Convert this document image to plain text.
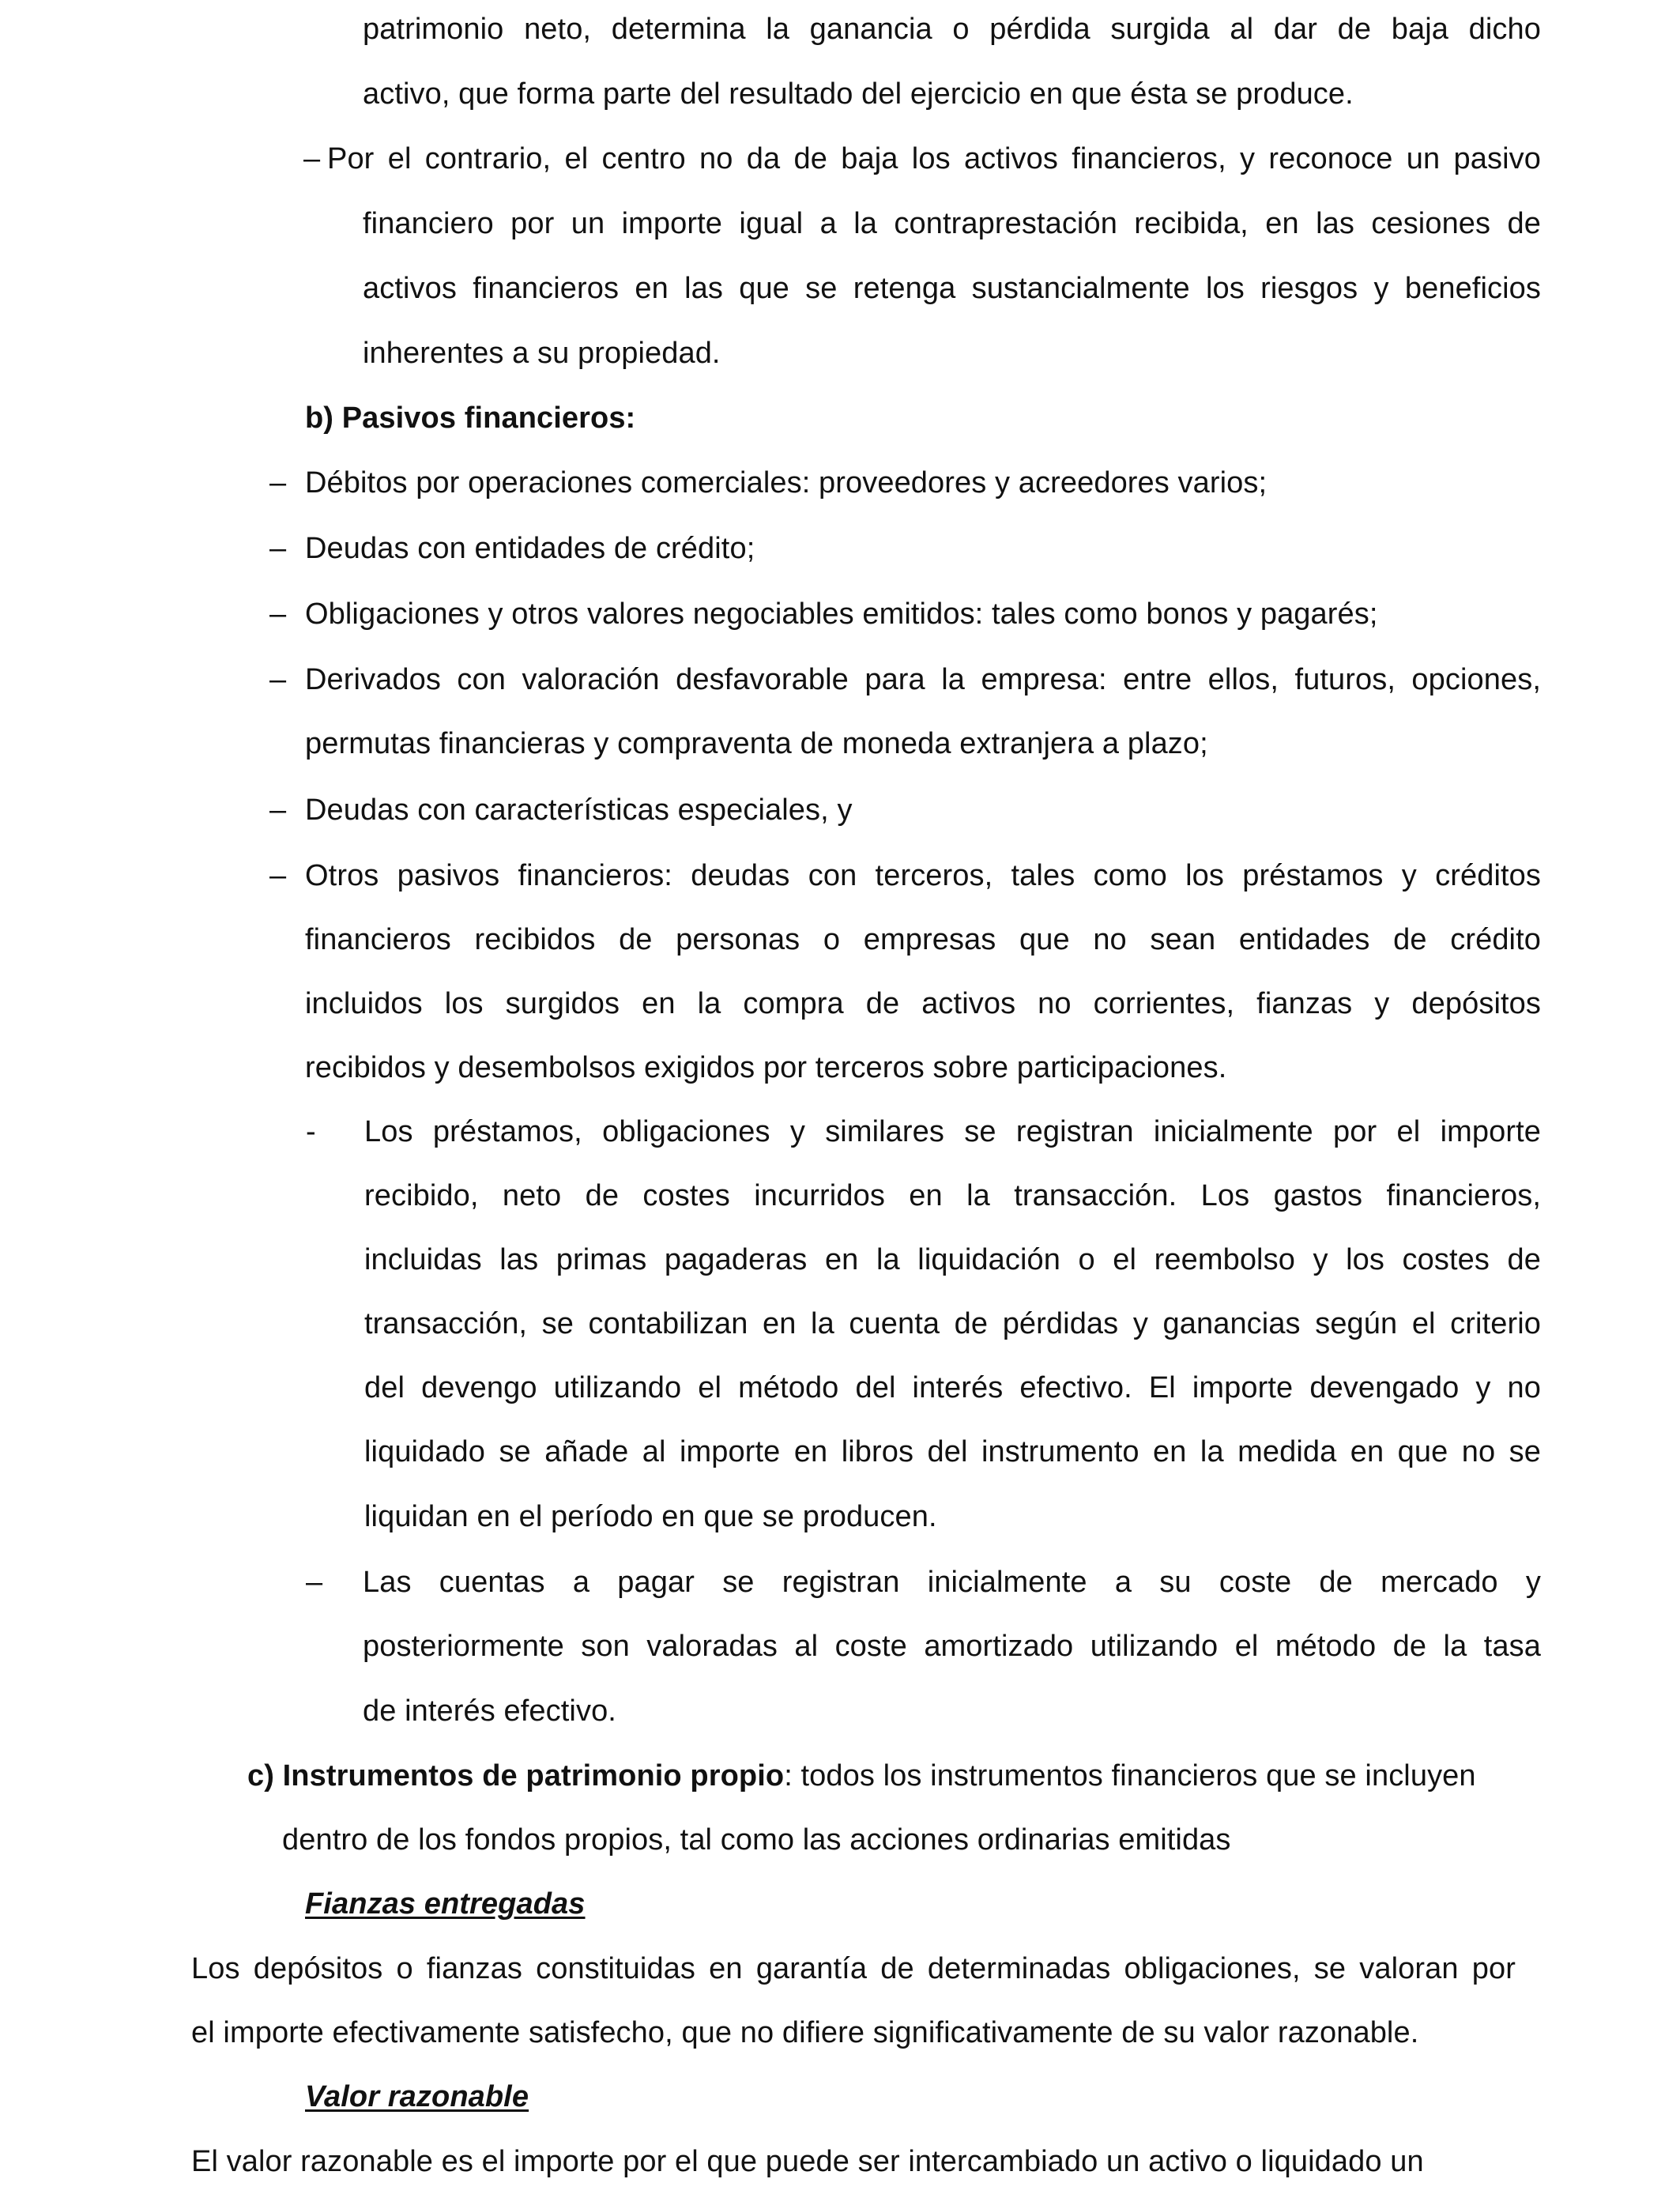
patrimonio neto, determina la ganancia o pérdida surgida al dar de baja dicho
activo, que forma parte del resultado del ejercicio en que ésta se produce.
– Por el contrario, el centro no da de baja los activos financieros, y reconoce un pasivo
financiero por un importe igual a la contraprestación recibida, en las cesiones de
activos financieros en las que se retenga sustancialmente los riesgos y beneficios
inherentes a su propiedad.
b) Pasivos financieros:
– Débitos por operaciones comerciales: proveedores y acreedores varios;
– Deudas con entidades de crédito;
– Obligaciones y otros valores negociables emitidos: tales como bonos y pagarés;
– Derivados con valoración desfavorable para la empresa: entre ellos, futuros, opciones,
permutas financieras y compraventa de moneda extranjera a plazo;
– Deudas con características especiales, y
– Otros pasivos financieros: deudas con terceros, tales como los préstamos y créditos
financieros recibidos de personas o empresas que no sean entidades de crédito
incluidos los surgidos en la compra de activos no corrientes, fianzas y depósitos
recibidos y desembolsos exigidos por terceros sobre participaciones.
- Los préstamos, obligaciones y similares se registran inicialmente por el importe
recibido, neto de costes incurridos en la transacción. Los gastos financieros,
incluidas las primas pagaderas en la liquidación o el reembolso y los costes de
transacción, se contabilizan en la cuenta de pérdidas y ganancias según el criterio
del devengo utilizando el método del interés efectivo. El importe devengado y no
liquidado se añade al importe en libros del instrumento en la medida en que no se
liquidan en el período en que se producen.
– Las cuentas a pagar se registran inicialmente a su coste de mercado y
posteriormente son valoradas al coste amortizado utilizando el método de la tasa
de interés efectivo.
c) Instrumentos de patrimonio propio: todos los instrumentos financieros que se incluyen
dentro de los fondos propios, tal como las acciones ordinarias emitidas
Fianzas entregadas
Los depósitos o fianzas constituidas en garantía de determinadas obligaciones, se valoran por
el importe efectivamente satisfecho, que no difiere significativamente de su valor razonable.
Valor razonable
El valor razonable es el importe por el que puede ser intercambiado un activo o liquidado un
